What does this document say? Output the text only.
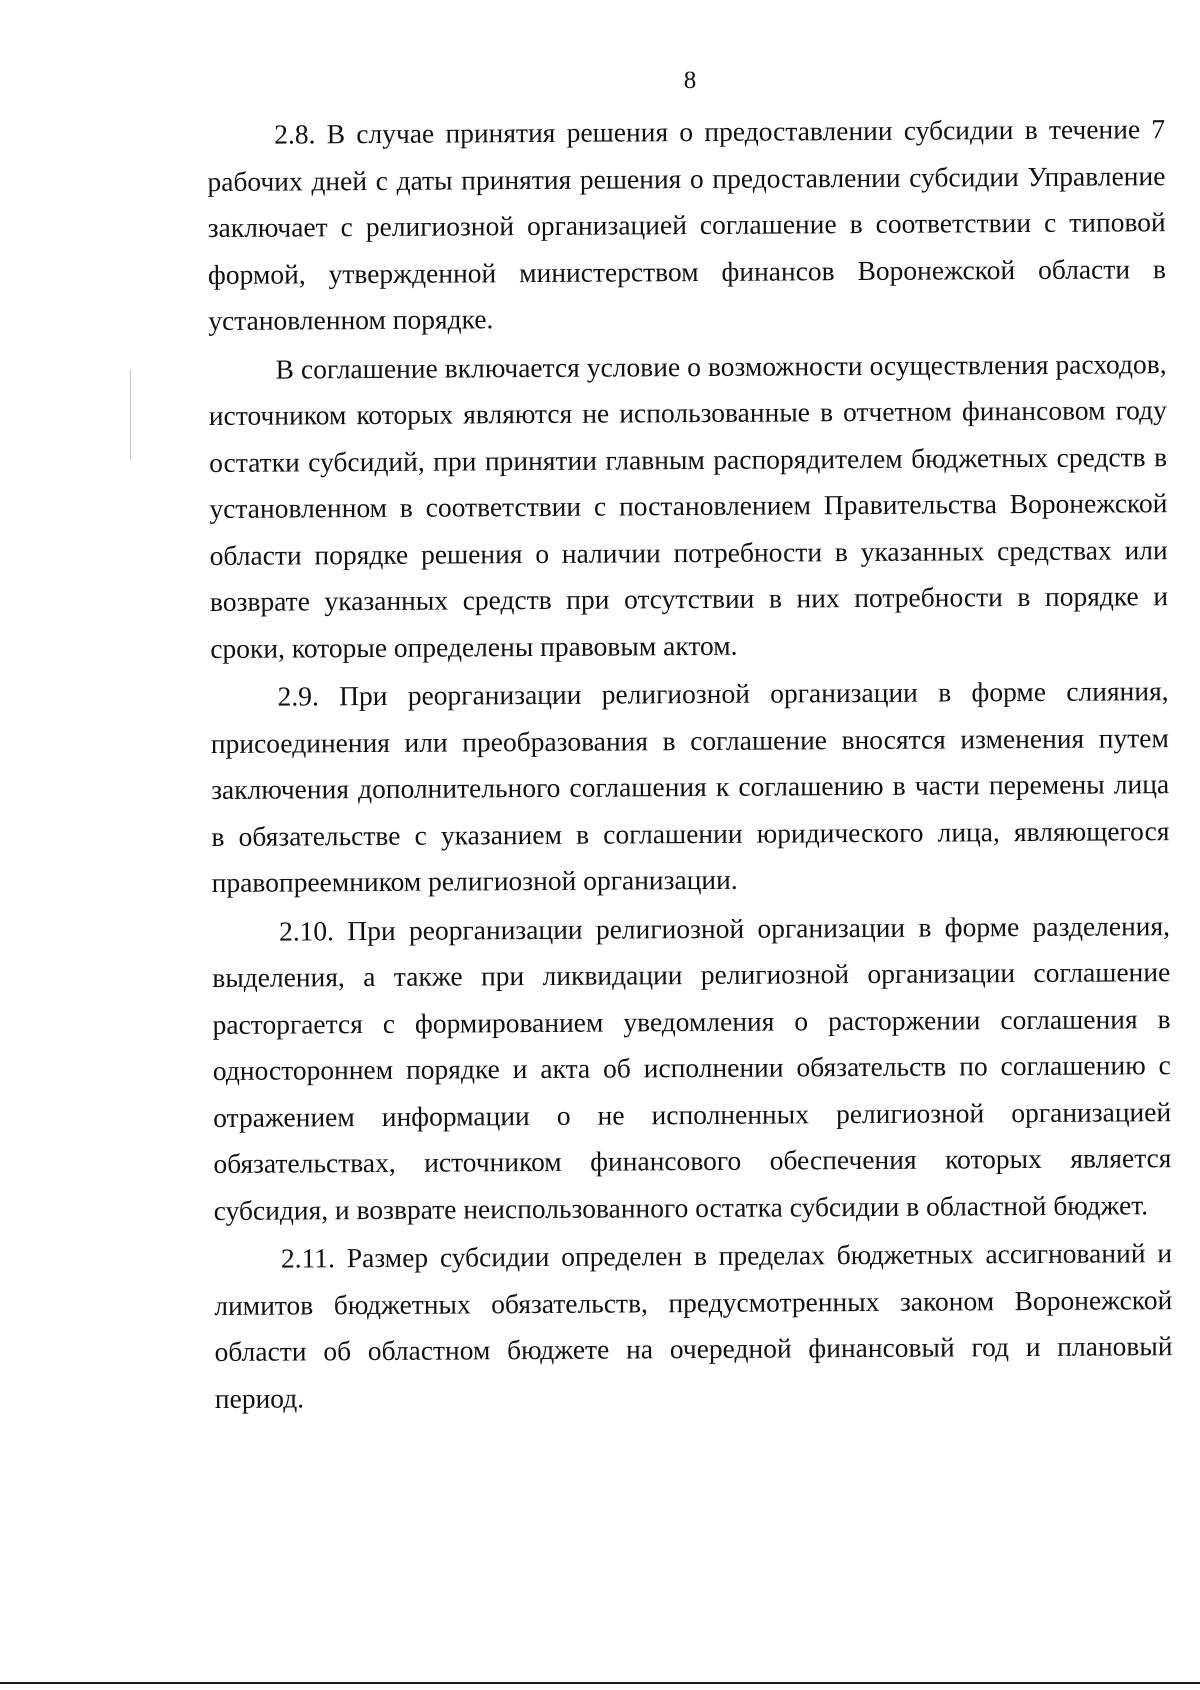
8

2.8. В случае принятия решения о предоставлении субсидии в течение 7 рабочих дней с даты принятия решения о предоставлении субсидии Управление заключает с религиозной организацией соглашение в соответствии с типовой формой, утвержденной министерством финансов Воронежской области в установленном порядке.

В соглашение включается условие о возможности осуществления расходов, источником которых являются не использованные в отчетном финансовом году остатки субсидий, при принятии главным распорядителем бюджетных средств в установленном в соответствии с постановлением Правительства Воронежской области порядке решения о наличии потребности в указанных средствах или возврате указанных средств при отсутствии в них потребности в порядке и сроки, которые определены правовым актом.

2.9. При реорганизации религиозной организации в форме слияния, присоединения или преобразования в соглашение вносятся изменения путем заключения дополнительного соглашения к соглашению в части перемены лица в обязательстве с указанием в соглашении юридического лица, являющегося правопреемником религиозной организации.

2.10. При реорганизации религиозной организации в форме разделения, выделения, а также при ликвидации религиозной организации соглашение расторгается с формированием уведомления о расторжении соглашения в одностороннем порядке и акта об исполнении обязательств по соглашению с отражением информации о не исполненных религиозной организацией обязательствах, источником финансового обеспечения которых является субсидия, и возврате неиспользованного остатка субсидии в областной бюджет.

2.11. Размер субсидии определен в пределах бюджетных ассигнований и лимитов бюджетных обязательств, предусмотренных законом Воронежской области об областном бюджете на очередной финансовый год и плановый период.
